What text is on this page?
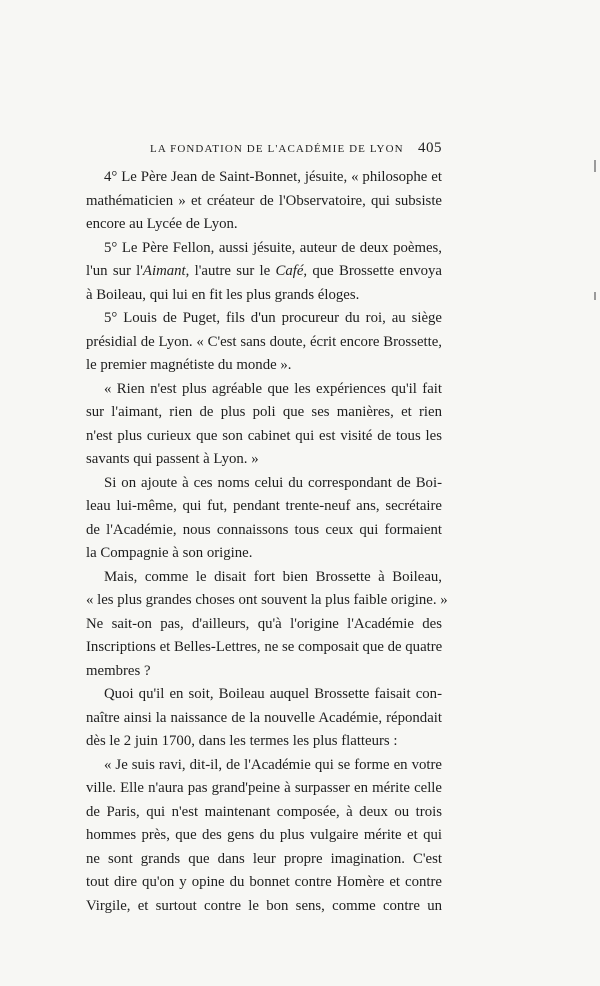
LA FONDATION DE L'ACADÉMIE DE LYON 405
4° Le Père Jean de Saint-Bonnet, jésuite, « philosophe et
mathématicien » et créateur de l'Observatoire, qui subsiste
encore au Lycée de Lyon.
5° Le Père Fellon, aussi jésuite, auteur de deux poèmes,
l'un sur l'Aimant, l'autre sur le Café, que Brossette envoya
à Boileau, qui lui en fit les plus grands éloges.
5° Louis de Puget, fils d'un procureur du roi, au siège
présidial de Lyon. « C'est sans doute, écrit encore Brossette,
le premier magnétiste du monde ».
« Rien n'est plus agréable que les expériences qu'il fait
sur l'aimant, rien de plus poli que ses manières, et rien
n'est plus curieux que son cabinet qui est visité de tous les
savants qui passent à Lyon. »
Si on ajoute à ces noms celui du correspondant de Boi-
leau lui-même, qui fut, pendant trente-neuf ans, secrétaire
de l'Académie, nous connaissons tous ceux qui formaient
la Compagnie à son origine.
Mais, comme le disait fort bien Brossette à Boileau,
« les plus grandes choses ont souvent la plus faible origine. »
Ne sait-on pas, d'ailleurs, qu'à l'origine l'Académie des
Inscriptions et Belles-Lettres, ne se composait que de quatre
membres ?
Quoi qu'il en soit, Boileau auquel Brossette faisait con-
naître ainsi la naissance de la nouvelle Académie, répondait
dès le 2 juin 1700, dans les termes les plus flatteurs :
« Je suis ravi, dit-il, de l'Académie qui se forme en votre
ville. Elle n'aura pas grand'peine à surpasser en mérite celle
de Paris, qui n'est maintenant composée, à deux ou trois
hommes près, que des gens du plus vulgaire mérite et qui
ne sont grands que dans leur propre imagination. C'est
tout dire qu'on y opine du bonnet contre Homère et contre
Virgile, et surtout contre le bon sens, comme contre un
